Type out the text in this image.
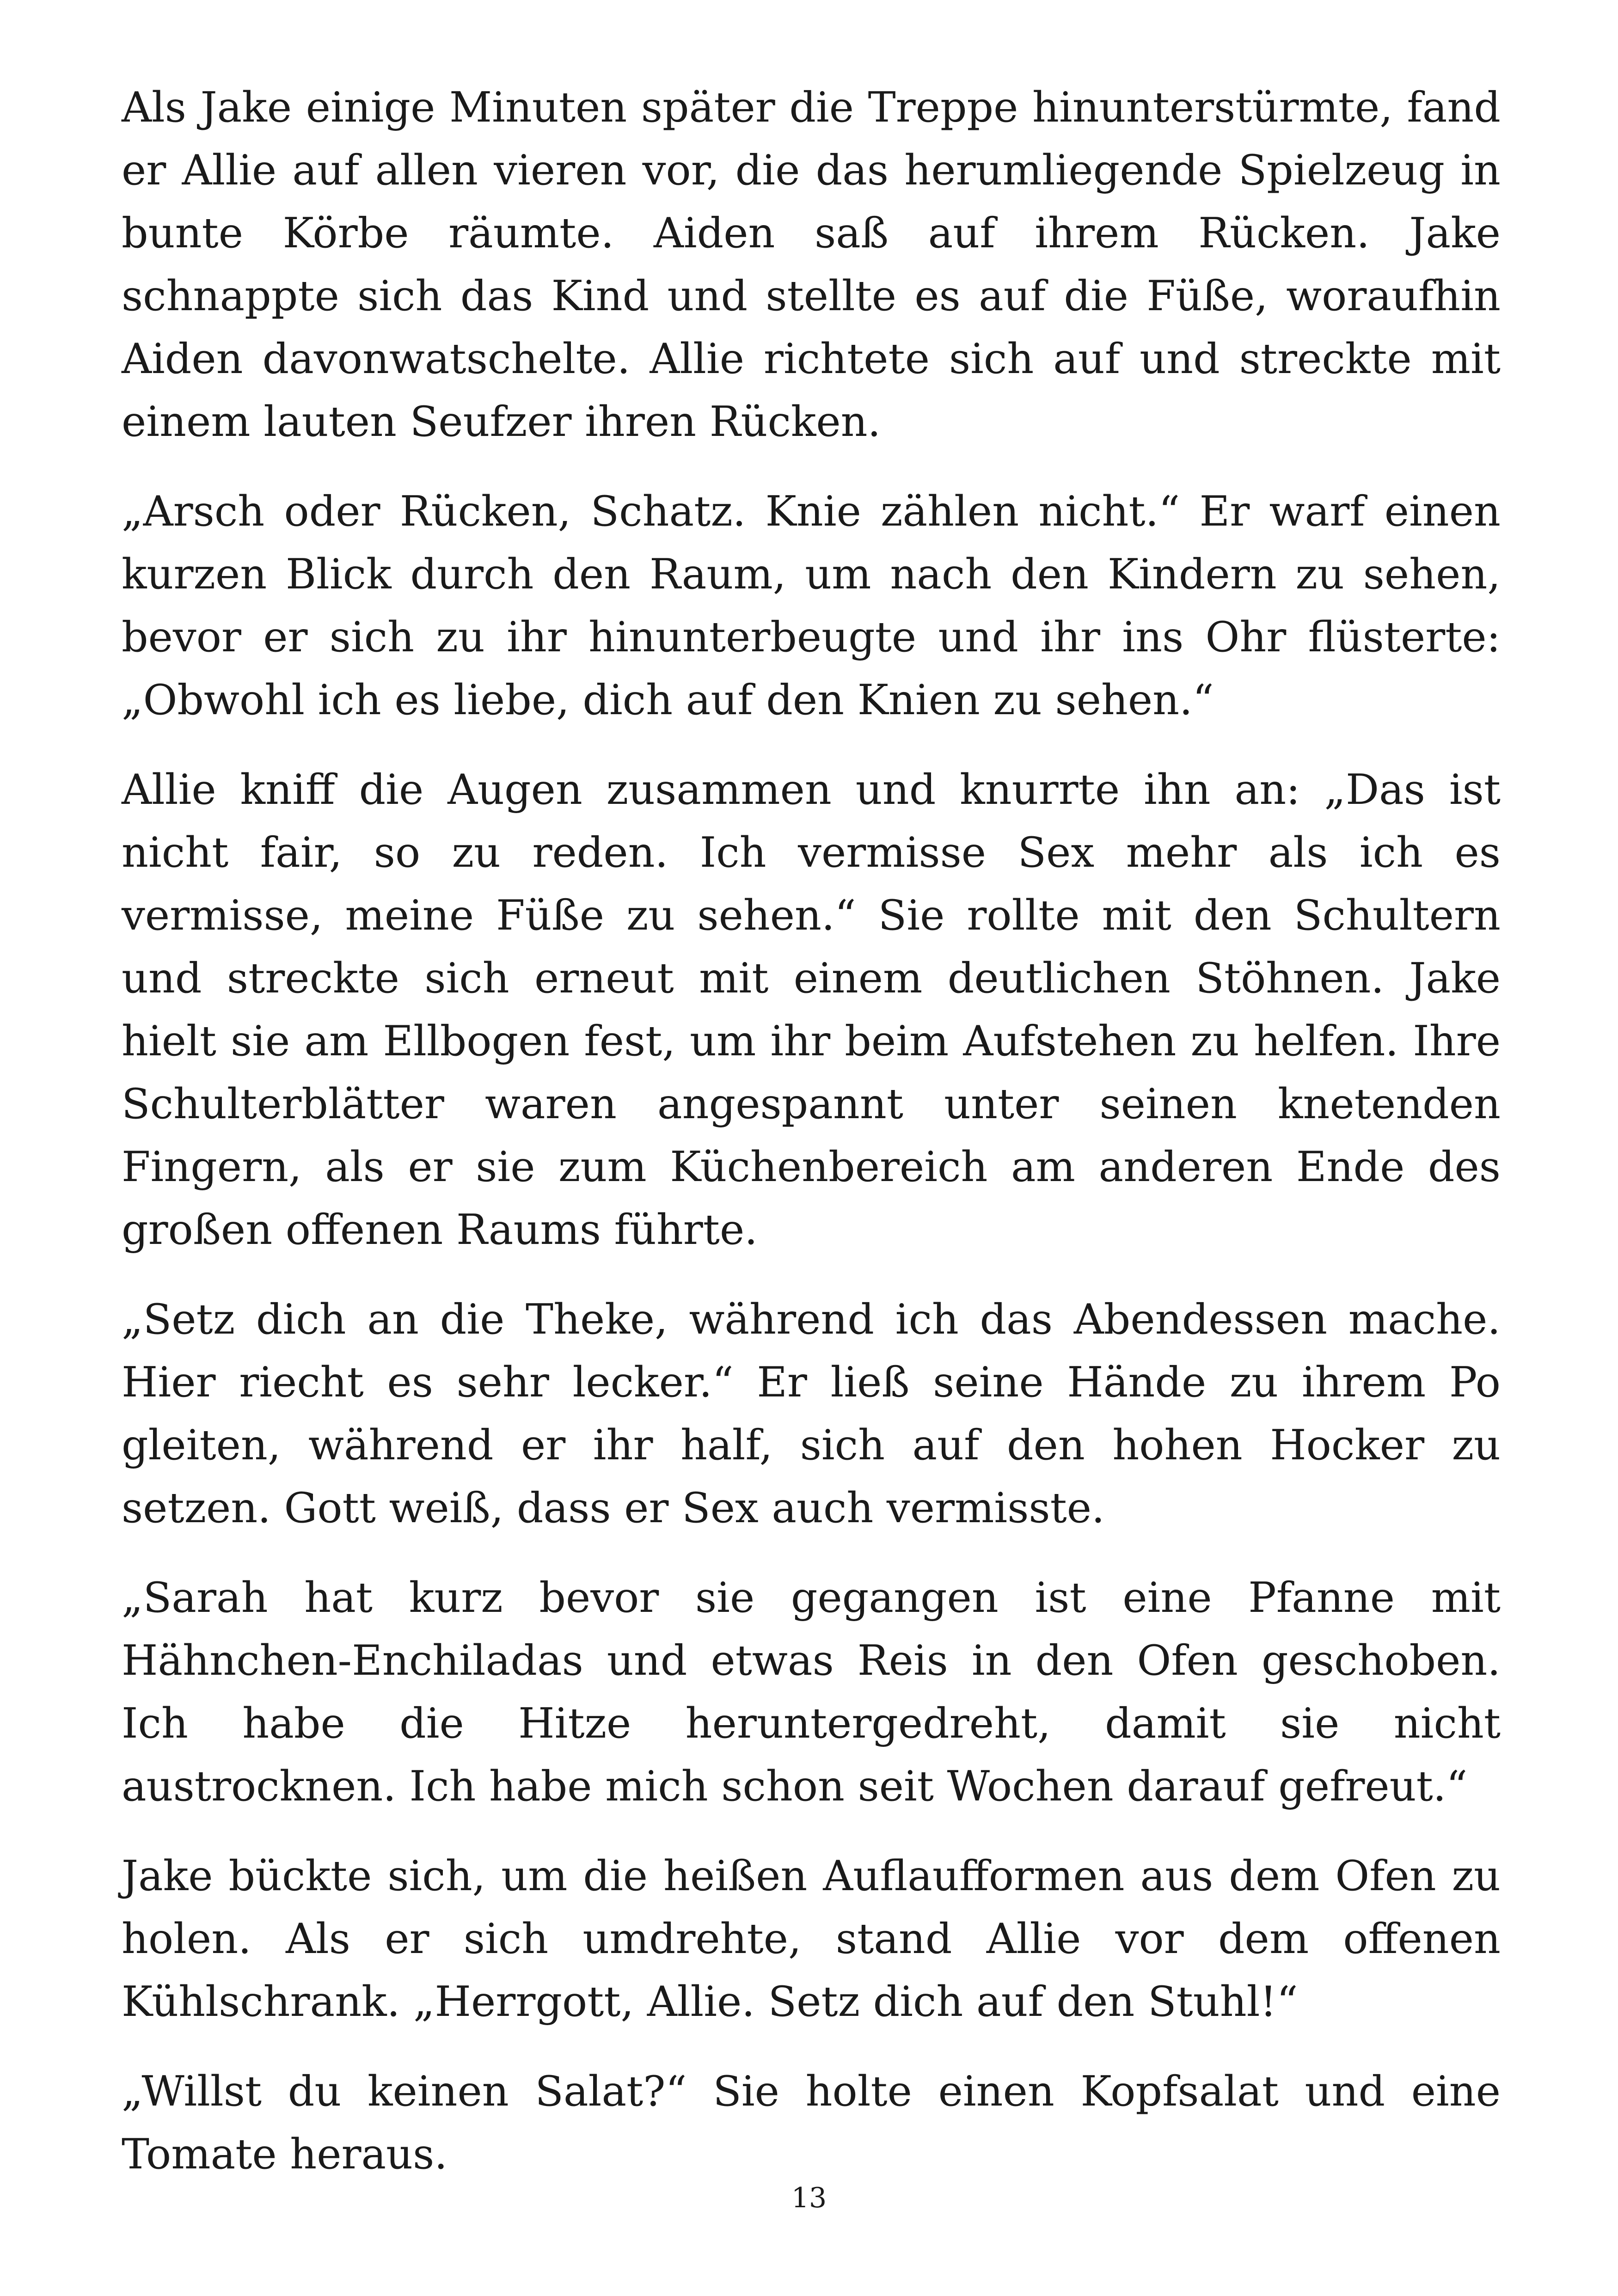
Als Jake einige Minuten später die Treppe hinunterstürmte, fand er Allie auf allen vieren vor, die das herumliegende Spielzeug in bunte Körbe räumte. Aiden saß auf ihrem Rücken. Jake schnappte sich das Kind und stellte es auf die Füße, woraufhin Aiden davonwatschelte. Allie richtete sich auf und streckte mit einem lauten Seufzer ihren Rücken.

„Arsch oder Rücken, Schatz. Knie zählen nicht.“ Er warf einen kurzen Blick durch den Raum, um nach den Kindern zu sehen, bevor er sich zu ihr hinunterbeugte und ihr ins Ohr flüsterte: „Obwohl ich es liebe, dich auf den Knien zu sehen.“

Allie kniff die Augen zusammen und knurrte ihn an: „Das ist nicht fair, so zu reden. Ich vermisse Sex mehr als ich es vermisse, meine Füße zu sehen.“ Sie rollte mit den Schultern und streckte sich erneut mit einem deutlichen Stöhnen. Jake hielt sie am Ellbogen fest, um ihr beim Aufstehen zu helfen. Ihre Schulterblätter waren angespannt unter seinen knetenden Fingern, als er sie zum Küchenbereich am anderen Ende des großen offenen Raums führte.

„Setz dich an die Theke, während ich das Abendessen mache. Hier riecht es sehr lecker.“ Er ließ seine Hände zu ihrem Po gleiten, während er ihr half, sich auf den hohen Hocker zu setzen. Gott weiß, dass er Sex auch vermisste.

„Sarah hat kurz bevor sie gegangen ist eine Pfanne mit Hähnchen-Enchiladas und etwas Reis in den Ofen geschoben. Ich habe die Hitze heruntergedreht, damit sie nicht austrocknen. Ich habe mich schon seit Wochen darauf gefreut.“

Jake bückte sich, um die heißen Auflaufformen aus dem Ofen zu holen. Als er sich umdrehte, stand Allie vor dem offenen Kühlschrank. „Herrgott, Allie. Setz dich auf den Stuhl!“

„Willst du keinen Salat?“ Sie holte einen Kopfsalat und eine Tomate heraus.

13
